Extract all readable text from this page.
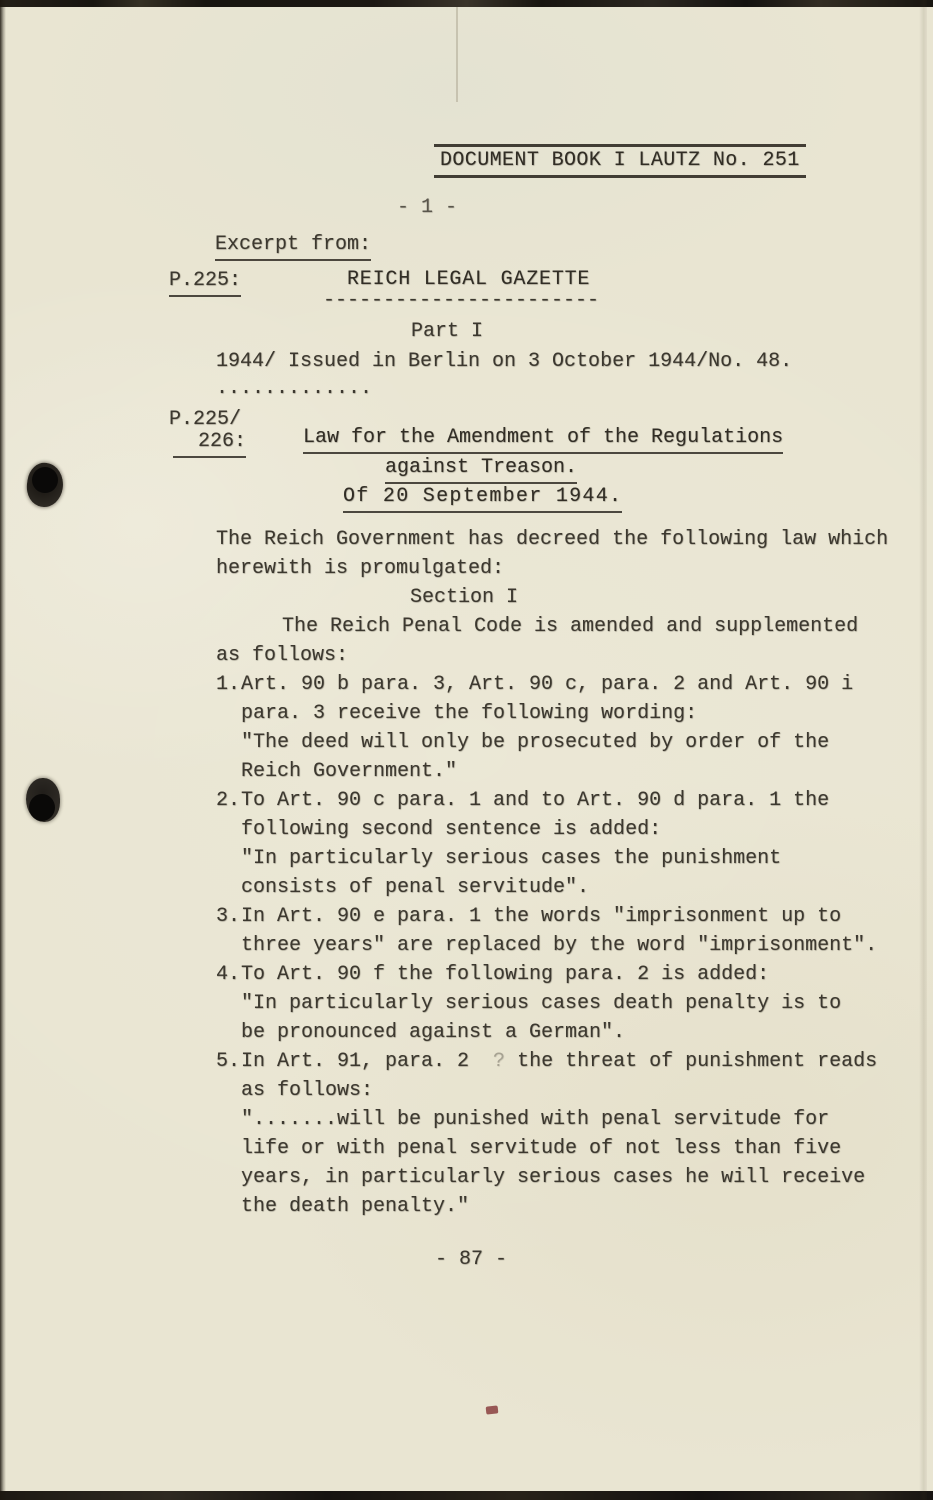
DOCUMENT BOOK I LAUTZ No. 251
- 1 -
Excerpt from:
P.225:	REICH LEGAL GAZETTE
-----------------------
Part I
1944/ Issued in Berlin on 3 October 1944/No. 48.
.............
P.225/
226:	Law for the Amendment of the Regulations
against Treason.
Of 20 September 1944.
The Reich Government has decreed the following law which
herewith is promulgated:
Section I
The Reich Penal Code is amended and supplemented
as follows:
1.Art. 90 b para. 3, Art. 90 c, para. 2 and Art. 90 i
para. 3 receive the following wording:
"The deed will only be prosecuted by order of the
Reich Government."
2.To Art. 90 c para. 1 and to Art. 90 d para. 1 the
following second sentence is added:
"In particularly serious cases the punishment
consists of penal servitude".
3.In Art. 90 e para. 1 the words "imprisonment up to
three years" are replaced by the word "imprisonment".
4.To Art. 90 f the following para. 2 is added:
"In particularly serious cases death penalty is to
be pronounced against a German".
5.In Art. 91, para. 2  ? the threat of punishment reads
as follows:
".......will be punished with penal servitude for
life or with penal servitude of not less than five
years, in particularly serious cases he will receive
the death penalty."
- 87 -
